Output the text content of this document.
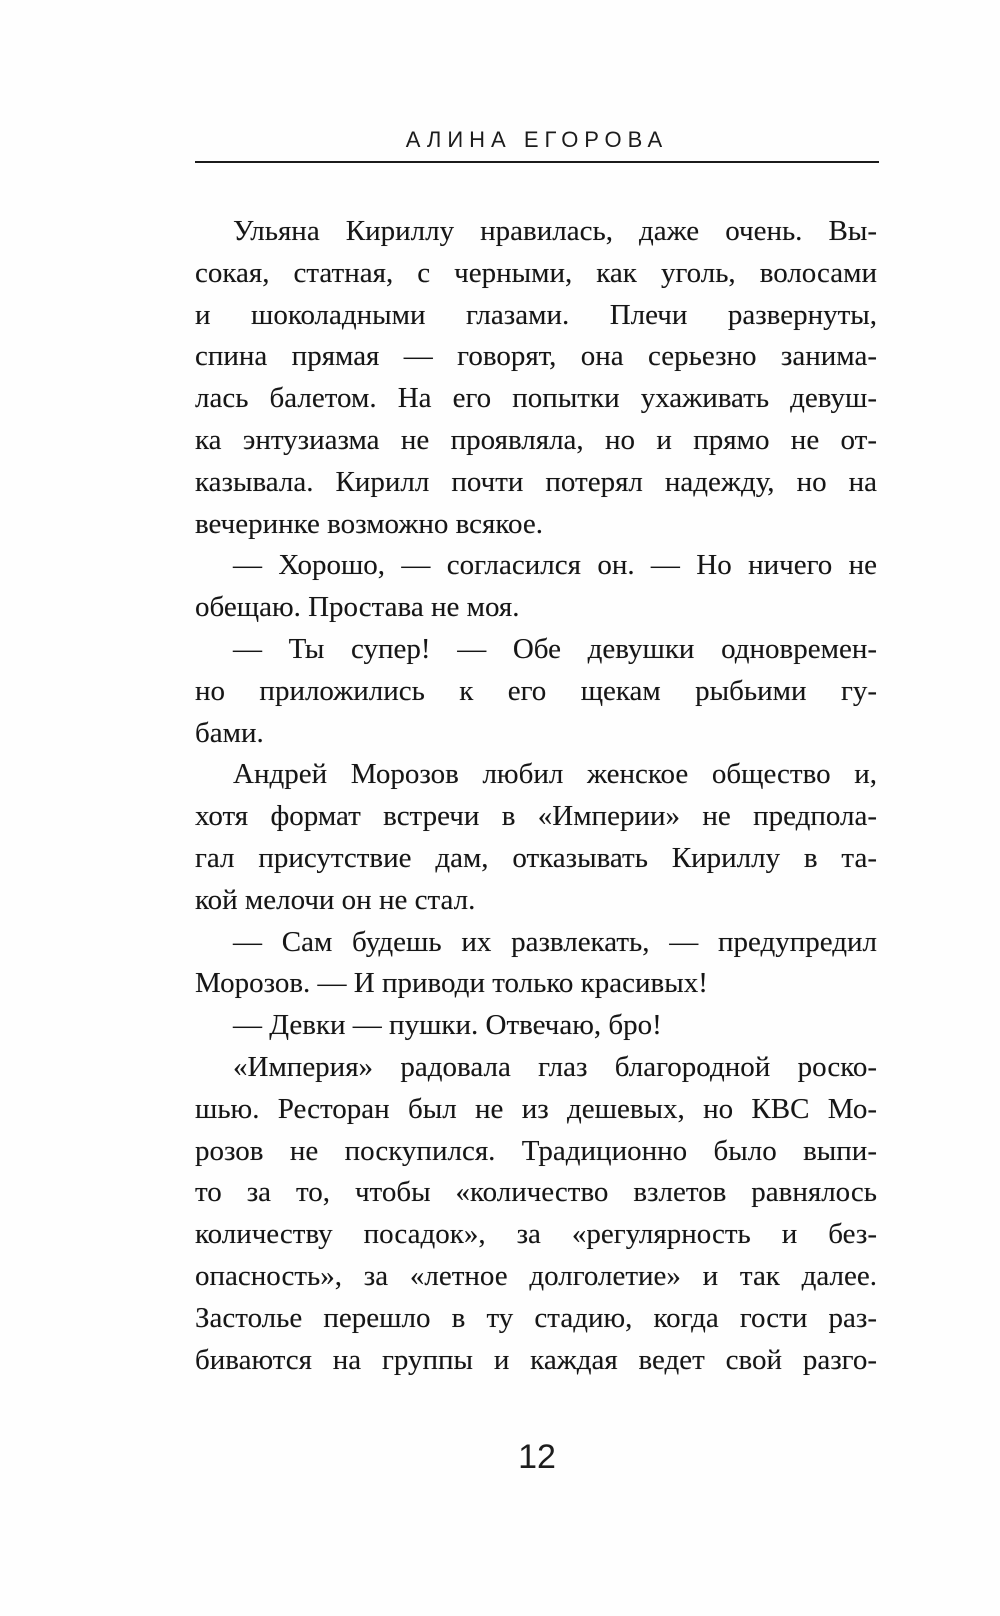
АЛИНА ЕГОРОВА
Ульяна Кириллу нравилась, даже очень. Вы-
сокая, статная, с черными, как уголь, волосами
и шоколадными глазами. Плечи развернуты,
спина прямая — говорят, она серьезно занима-
лась балетом. На его попытки ухаживать девуш-
ка энтузиазма не проявляла, но и прямо не от-
казывала. Кирилл почти потерял надежду, но на
вечеринке возможно всякое.
— Хорошо, — согласился он. — Но ничего не
обещаю. Простава не моя.
— Ты супер! — Обе девушки одновремен-
но приложились к его щекам рыбьими гу-
бами.
Андрей Морозов любил женское общество и,
хотя формат встречи в «Империи» не предпола-
гал присутствие дам, отказывать Кириллу в та-
кой мелочи он не стал.
— Сам будешь их развлекать, — предупредил
Морозов. — И приводи только красивых!
— Девки — пушки. Отвечаю, бро!
«Империя» радовала глаз благородной роско-
шью. Ресторан был не из дешевых, но КВС Мо-
розов не поскупился. Традиционно было выпи-
то за то, чтобы «количество взлетов равнялось
количеству посадок», за «регулярность и без-
опасность», за «летное долголетие» и так далее.
Застолье перешло в ту стадию, когда гости раз-
биваются на группы и каждая ведет свой разго-
12
